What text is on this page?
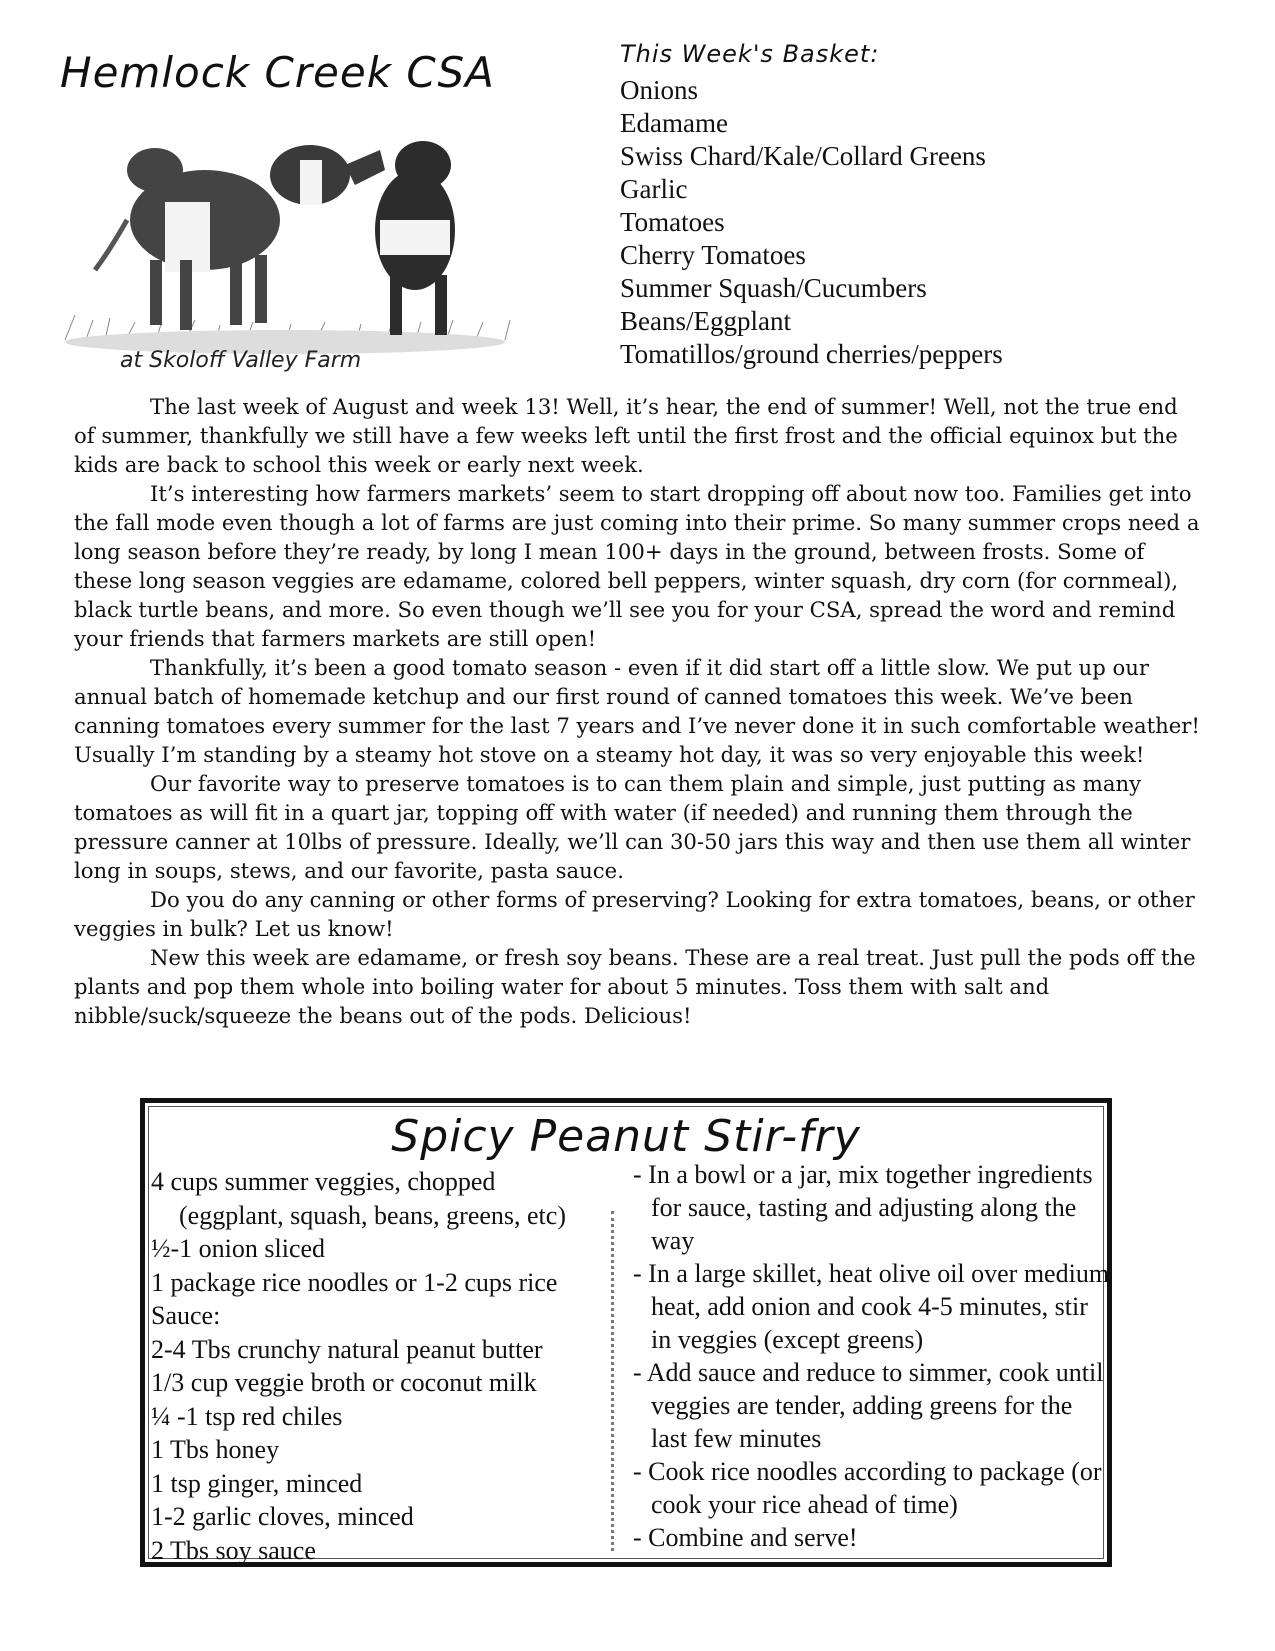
Hemlock Creek CSA
at Skoloff Valley Farm
This Week's Basket:
Onions
Edamame
Swiss Chard/Kale/Collard Greens
Garlic
Tomatoes
Cherry Tomatoes
Summer Squash/Cucumbers
Beans/Eggplant
Tomatillos/ground cherries/peppers

The last week of August and week 13! Well, it’s hear, the end of summer! Well, not the true end of summer, thankfully we still have a few weeks left until the first frost and the official equinox but the kids are back to school this week or early next week.

It’s interesting how farmers markets’ seem to start dropping off about now too. Families get into the fall mode even though a lot of farms are just coming into their prime. So many summer crops need a long season before they’re ready, by long I mean 100+ days in the ground, between frosts. Some of these long season veggies are edamame, colored bell peppers, winter squash, dry corn (for cornmeal), black turtle beans, and more. So even though we’ll see you for your CSA, spread the word and remind your friends that farmers markets are still open!

Thankfully, it’s been a good tomato season - even if it did start off a little slow. We put up our annual batch of homemade ketchup and our first round of canned tomatoes this week. We’ve been canning tomatoes every summer for the last 7 years and I’ve never done it in such comfortable weather! Usually I’m standing by a steamy hot stove on a steamy hot day, it was so very enjoyable this week!

Our favorite way to preserve tomatoes is to can them plain and simple, just putting as many tomatoes as will fit in a quart jar, topping off with water (if needed) and running them through the pressure canner at 10lbs of pressure. Ideally, we’ll can 30-50 jars this way and then use them all winter long in soups, stews, and our favorite, pasta sauce.

Do you do any canning or other forms of preserving? Looking for extra tomatoes, beans, or other veggies in bulk? Let us know!

New this week are edamame, or fresh soy beans. These are a real treat. Just pull the pods off the plants and pop them whole into boiling water for about 5 minutes. Toss them with salt and nibble/suck/squeeze the beans out of the pods. Delicious!

Spicy Peanut Stir-fry
4 cups summer veggies, chopped
(eggplant, squash, beans, greens, etc)
½-1 onion sliced
1 package rice noodles or 1-2 cups rice
Sauce:
2-4 Tbs crunchy natural peanut butter
1/3 cup veggie broth or coconut milk
¼ -1 tsp red chiles
1 Tbs honey
1 tsp ginger, minced
1-2 garlic cloves, minced
2 Tbs soy sauce
- In a bowl or a jar, mix together ingredients for sauce, tasting and adjusting along the way
- In a large skillet, heat olive oil over medium heat, add onion and cook 4-5 minutes, stir in veggies (except greens)
- Add sauce and reduce to simmer, cook until veggies are tender, adding greens for the last few minutes
- Cook rice noodles according to package (or cook your rice ahead of time)
- Combine and serve!
